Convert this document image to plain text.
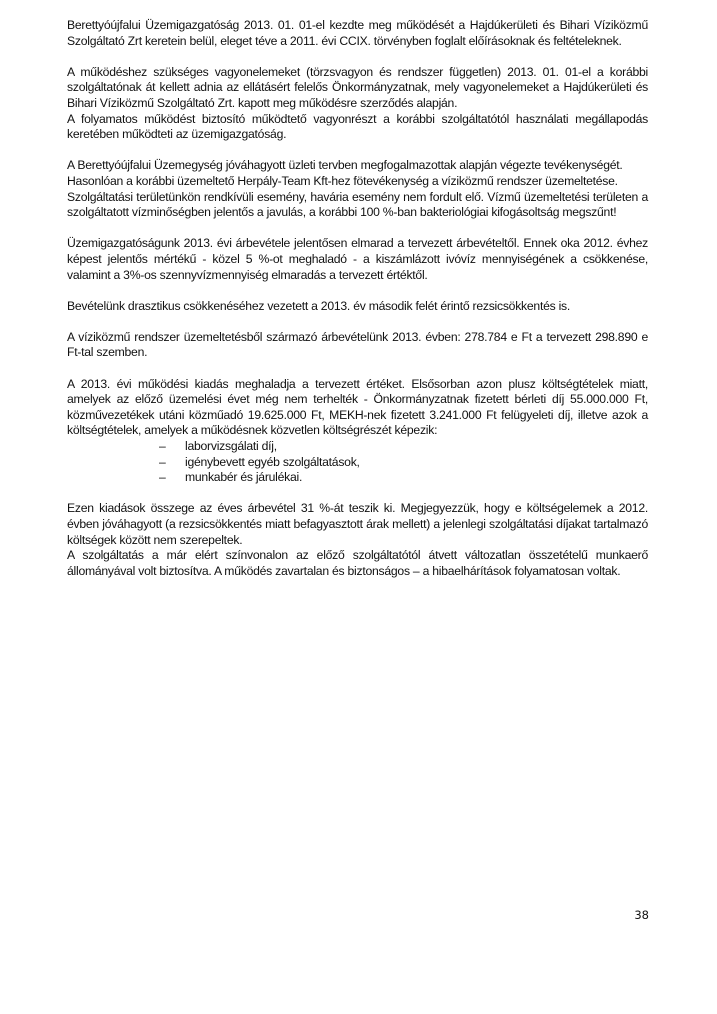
Berettyóújfalui Üzemigazgatóság 2013. 01. 01-el kezdte meg működését a Hajdúkerületi és Bihari Víziközmű Szolgáltató Zrt keretein belül, eleget téve a 2011. évi CCIX. törvényben foglalt előírásoknak és feltételeknek.

A működéshez szükséges vagyonelemeket (törzsvagyon és rendszer független) 2013. 01. 01-el a korábbi szolgáltatónak át kellett adnia az ellátásért felelős Önkormányzatnak, mely vagyonelemeket a Hajdúkerületi és Bihari Víziközmű Szolgáltató Zrt. kapott meg működésre szerződés alapján.

A folyamatos működést biztosító működtető vagyonrészt a korábbi szolgáltatótól használati megállapodás keretében működteti az üzemigazgatóság.

A Berettyóújfalui Üzemegység jóváhagyott üzleti tervben megfogalmazottak alapján végezte tevékenységét.

Hasonlóan a korábbi üzemeltető Herpály-Team Kft-hez fötevékenység a víziközmű rendszer üzemeltetése.

Szolgáltatási területünkön rendkívüli esemény, havária esemény nem fordult elő. Vízmű üzemeltetési területen a szolgáltatott vízminőségben jelentős a javulás, a korábbi 100 %-ban bakteriológiai kifogásoltság megszűnt!

Üzemigazgatóságunk 2013. évi árbevétele jelentősen elmarad a tervezett árbevételtől. Ennek oka 2012. évhez képest jelentős mértékű - közel 5 %-ot meghaladó - a kiszámlázott ivóvíz mennyiségének a csökkenése, valamint a 3%-os szennyvízmennyiség elmaradás a tervezett értéktől.

Bevételünk drasztikus csökkenéséhez vezetett a 2013. év második felét érintő rezsicsökkentés is.

A víziközmű rendszer üzemeltetésből származó árbevételünk 2013. évben: 278.784 e Ft a tervezett 298.890 e Ft-tal szemben.

A 2013. évi működési kiadás meghaladja a tervezett értéket. Elsősorban azon plusz költségtételek miatt, amelyek az előző üzemelési évet még nem terhelték - Önkormányzatnak fizetett bérleti díj 55.000.000 Ft, közművezetékek utáni közműadó 19.625.000 Ft, MEKH-nek fizetett 3.241.000 Ft felügyeleti díj, illetve azok a költségtételek, amelyek a működésnek közvetlen költségrészét képezik:

– laborvizsgálati díj,
– igénybevett egyéb szolgáltatások,
– munkabér és járulékai.

Ezen kiadások összege az éves árbevétel 31 %-át teszik ki. Megjegyezzük, hogy e költségelemek a 2012. évben jóváhagyott (a rezsicsökkentés miatt befagyasztott árak mellett) a jelenlegi szolgáltatási díjakat tartalmazó költségek között nem szerepeltek.

A szolgáltatás a már elért színvonalon az előző szolgáltatótól átvett változatlan összetételű munkaerő állományával volt biztosítva. A működés zavartalan és biztonságos – a hibaelhárítások folyamatosan voltak.

38
